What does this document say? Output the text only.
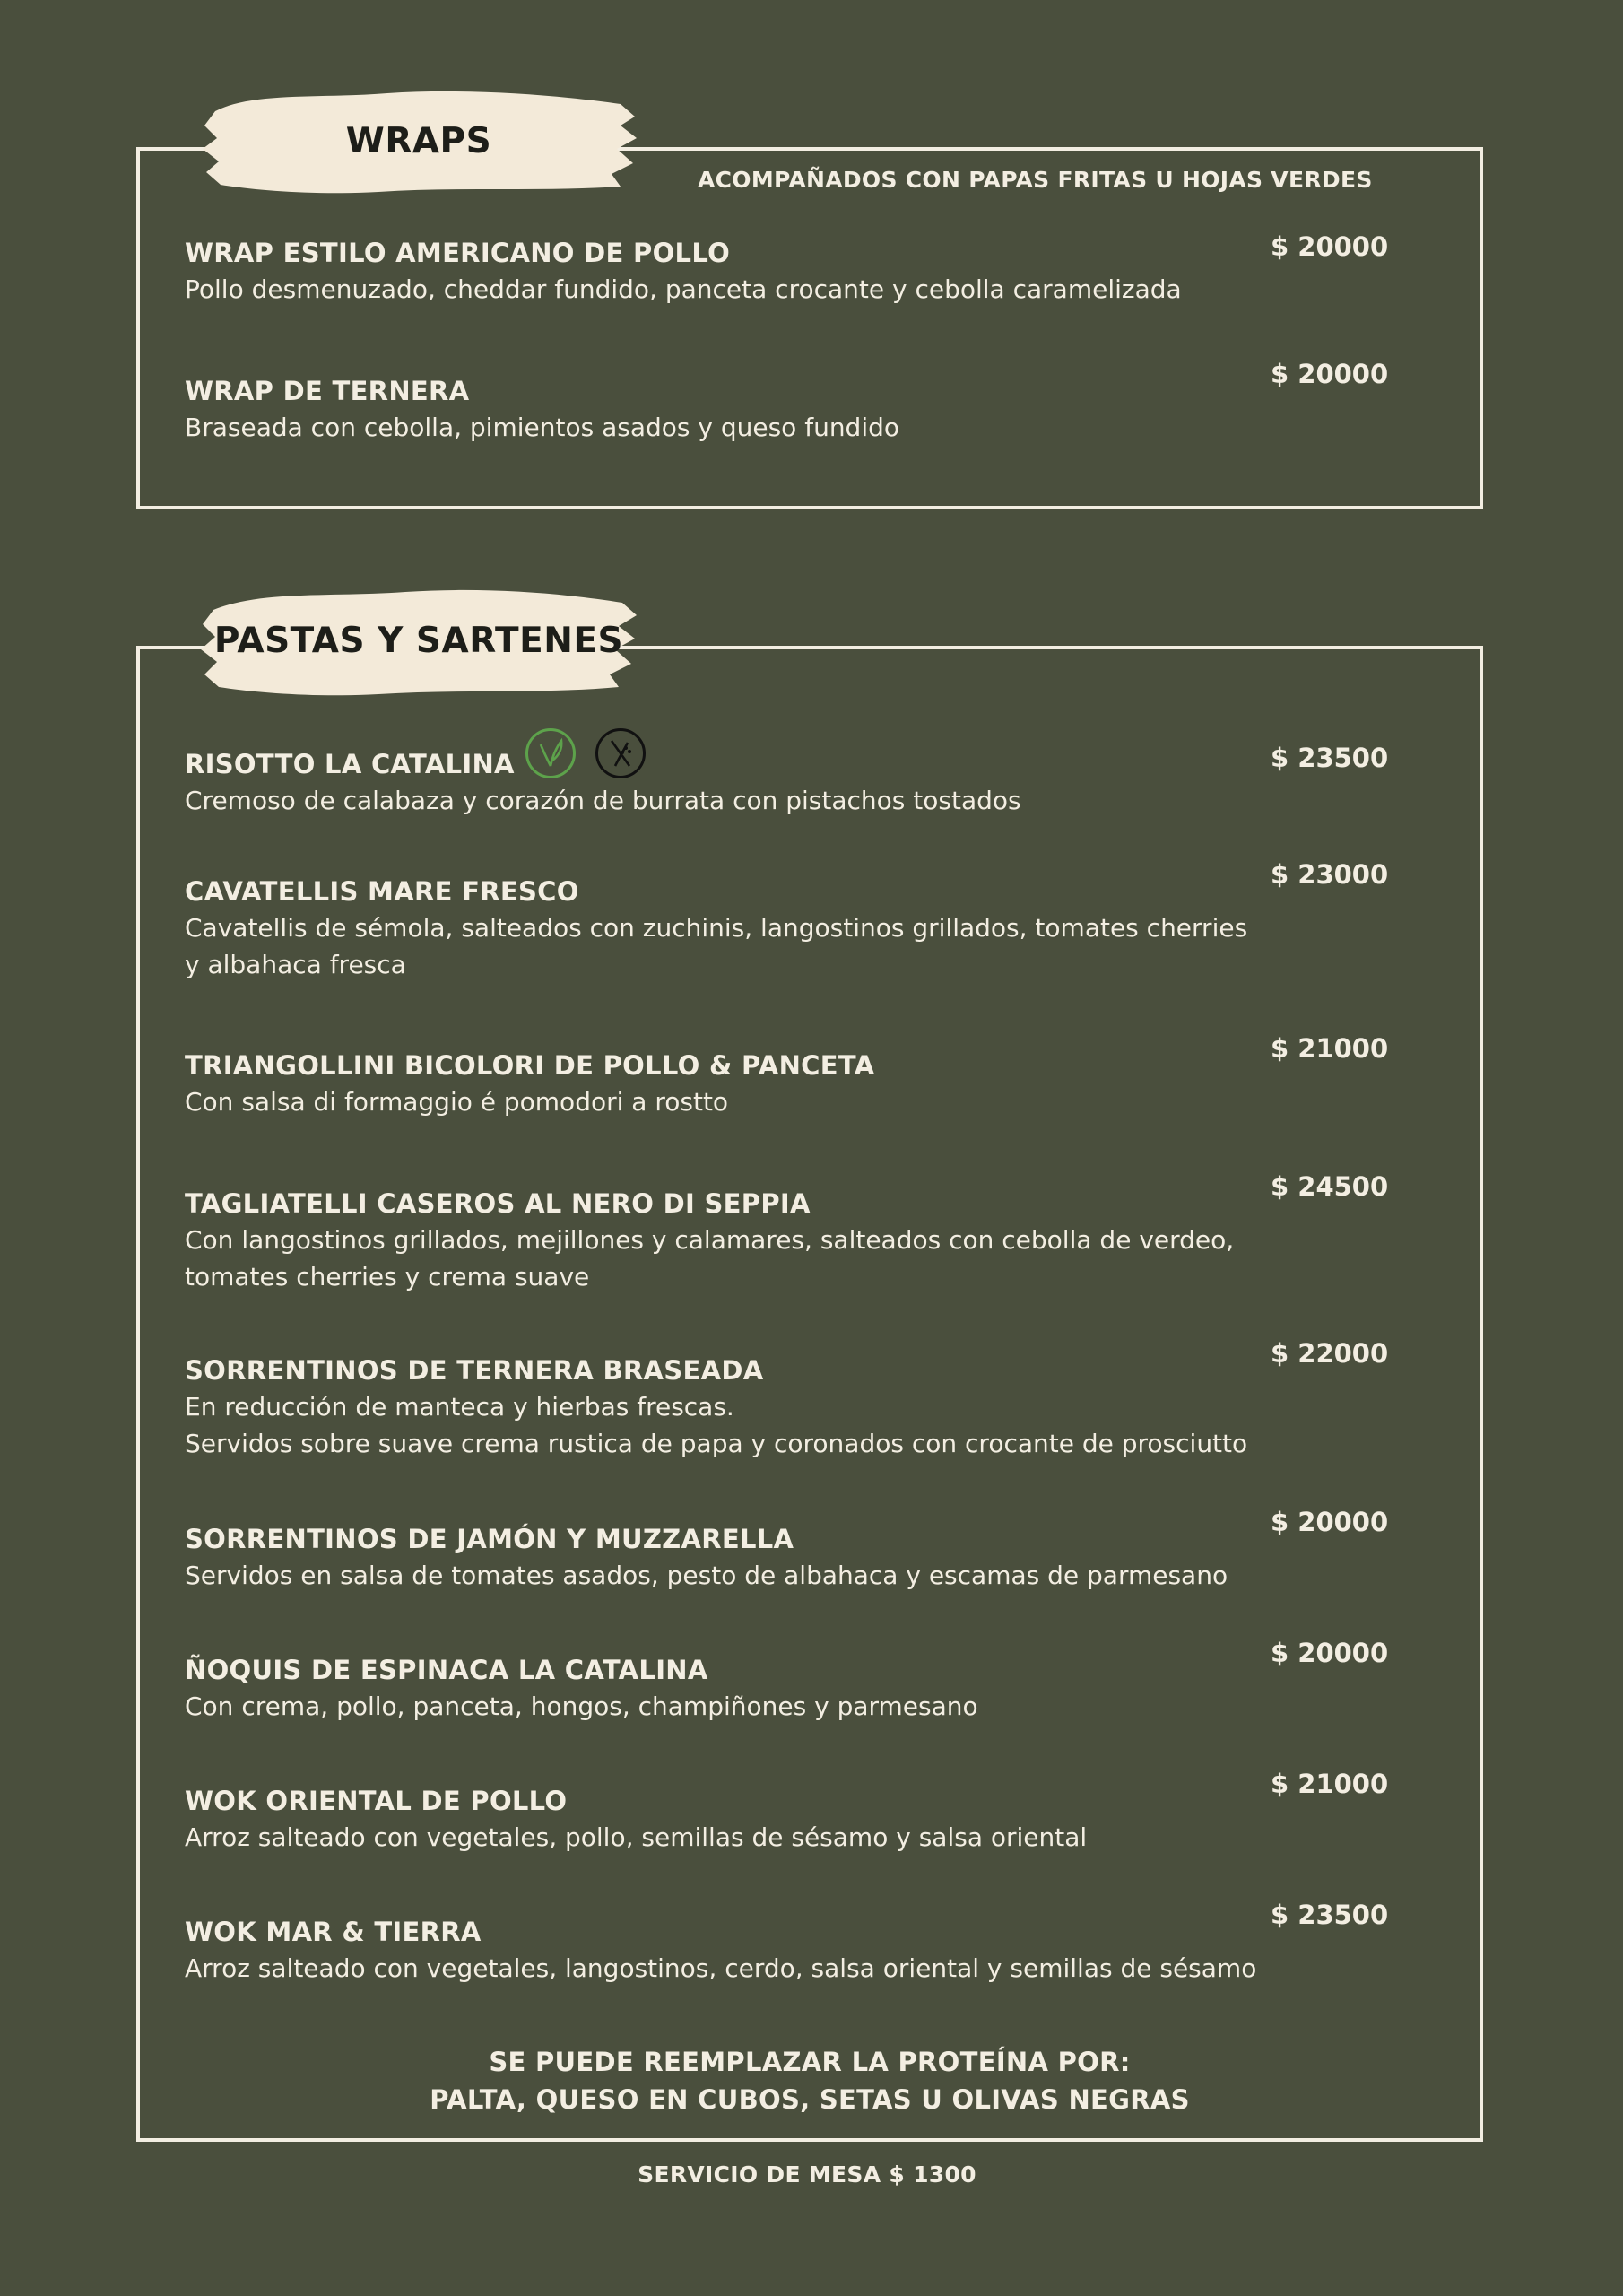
WRAPS
ACOMPAÑADOS CON PAPAS FRITAS U HOJAS VERDES
WRAP ESTILO AMERICANO DE POLLO
Pollo desmenuzado, cheddar fundido, panceta crocante y cebolla caramelizada
$ 20000
WRAP DE TERNERA
Braseada con cebolla, pimientos asados y queso fundido
$ 20000
PASTAS Y SARTENES
RISOTTO LA CATALINA
Cremoso de calabaza y corazón de burrata con pistachos tostados
$ 23500
CAVATELLIS MARE FRESCO
Cavatellis de sémola, salteados con zuchinis, langostinos grillados, tomates cherries
y albahaca fresca
$ 23000
TRIANGOLLINI BICOLORI DE POLLO & PANCETA
Con salsa di formaggio é pomodori a rostto
$ 21000
TAGLIATELLI CASEROS AL NERO DI SEPPIA
Con langostinos grillados, mejillones y calamares, salteados con cebolla de verdeo,
tomates cherries y crema suave
$ 24500
SORRENTINOS DE TERNERA BRASEADA
En reducción de manteca y hierbas frescas.
Servidos sobre suave crema rustica de papa y coronados con crocante de prosciutto
$ 22000
SORRENTINOS DE JAMÓN Y MUZZARELLA
Servidos en salsa de tomates asados, pesto de albahaca y escamas de parmesano
$ 20000
ÑOQUIS DE ESPINACA LA CATALINA
Con crema, pollo, panceta, hongos, champiñones y parmesano
$ 20000
WOK ORIENTAL DE POLLO
Arroz salteado con vegetales, pollo, semillas de sésamo y salsa oriental
$ 21000
WOK MAR & TIERRA
Arroz salteado con vegetales, langostinos, cerdo, salsa oriental y semillas de sésamo
$ 23500
SE PUEDE REEMPLAZAR LA PROTEÍNA POR:
PALTA, QUESO EN CUBOS, SETAS U OLIVAS NEGRAS
SERVICIO DE MESA $ 1300
